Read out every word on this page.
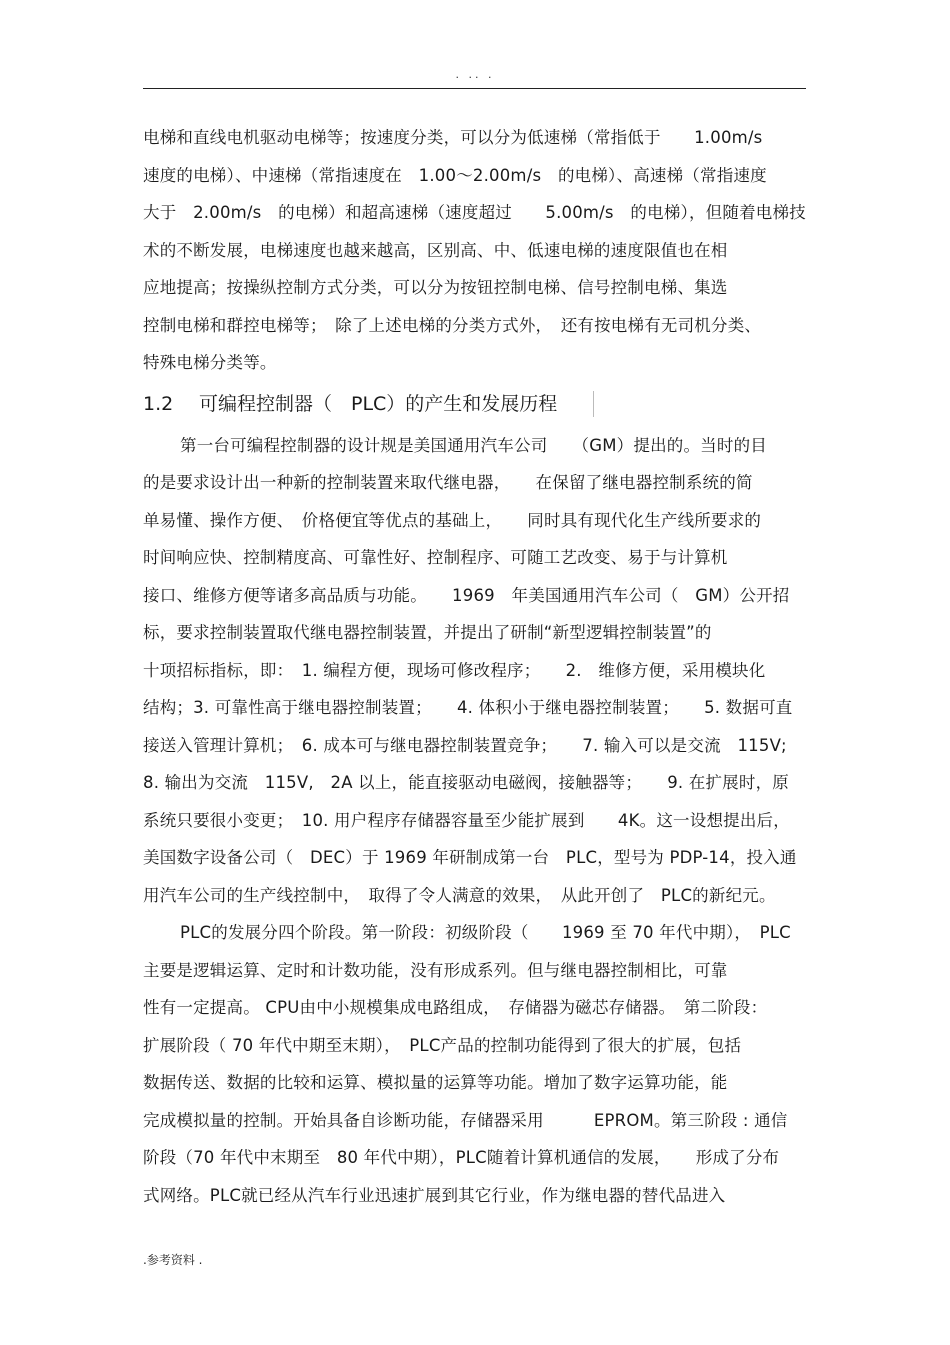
. .. .
电梯和直线电机驱动电梯等；按速度分类，可以分为低速梯（常指低于　　1.00m/s
速度的电梯）、中速梯（常指速度在　1.00～2.00m/s　的电梯）、高速梯（常指速度
大于　2.00m/s　的电梯）和超高速梯（速度超过　　5.00m/s　的电梯），但随着电梯技
术的不断发展，电梯速度也越来越高，区别高、中、低速电梯的速度限值也在相
应地提高；按操纵控制方式分类，可以分为按钮控制电梯、信号控制电梯、集选
控制电梯和群控电梯等；　除了上述电梯的分类方式外，　还有按电梯有无司机分类、
特殊电梯分类等。
1.2 可编程控制器（　PLC）的产生和发展历程
第一台可编程控制器的设计规是美国通用汽车公司　　（GM）提出的。当时的目
的是要求设计出一种新的控制装置来取代继电器，　　在保留了继电器控制系统的简
单易懂、操作方便、　价格便宜等优点的基础上，　　同时具有现代化生产线所要求的
时间响应快、控制精度高、可靠性好、控制程序、可随工艺改变、易于与计算机
接口、维修方便等诸多高品质与功能。　　1969　年美国通用汽车公司（　GM）公开招
标，要求控制装置取代继电器控制装置，并提出了研制“新型逻辑控制装置”的
十项招标指标，即：　1. 编程方便，现场可修改程序；　　2.　维修方便，采用模块化
结构；3. 可靠性高于继电器控制装置；　　4. 体积小于继电器控制装置；　　5. 数据可直
接送入管理计算机；　6. 成本可与继电器控制装置竞争；　　7. 输入可以是交流　115V;
8. 输出为交流　115V,　2A 以上，能直接驱动电磁阀，接触器等；　　9. 在扩展时，原
系统只要很小变更；　10. 用户程序存储器容量至少能扩展到　　4K。这一设想提出后，
美国数字设备公司（　DEC）于 1969 年研制成第一台　PLC，型号为 PDP-14，投入通
用汽车公司的生产线控制中，　取得了令人满意的效果，　从此开创了　PLC的新纪元。
PLC的发展分四个阶段。第一阶段：初级阶段（　　1969 至 70 年代中期），　PLC
主要是逻辑运算、定时和计数功能，没有形成系列。但与继电器控制相比，可靠
性有一定提高。 CPU由中小规模集成电路组成，　存储器为磁芯存储器。　第二阶段：
扩展阶段（ 70 年代中期至末期），　PLC产品的控制功能得到了很大的扩展，包括
数据传送、数据的比较和运算、模拟量的运算等功能。增加了数字运算功能，能
完成模拟量的控制。开始具备自诊断功能，存储器采用　　　EPROM。第三阶段 : 通信
阶段（70 年代中末期至　80 年代中期），PLC随着计算机通信的发展，　　形成了分布
式网络。PLC就已经从汽车行业迅速扩展到其它行业，作为继电器的替代品进入
.参考资料 .
